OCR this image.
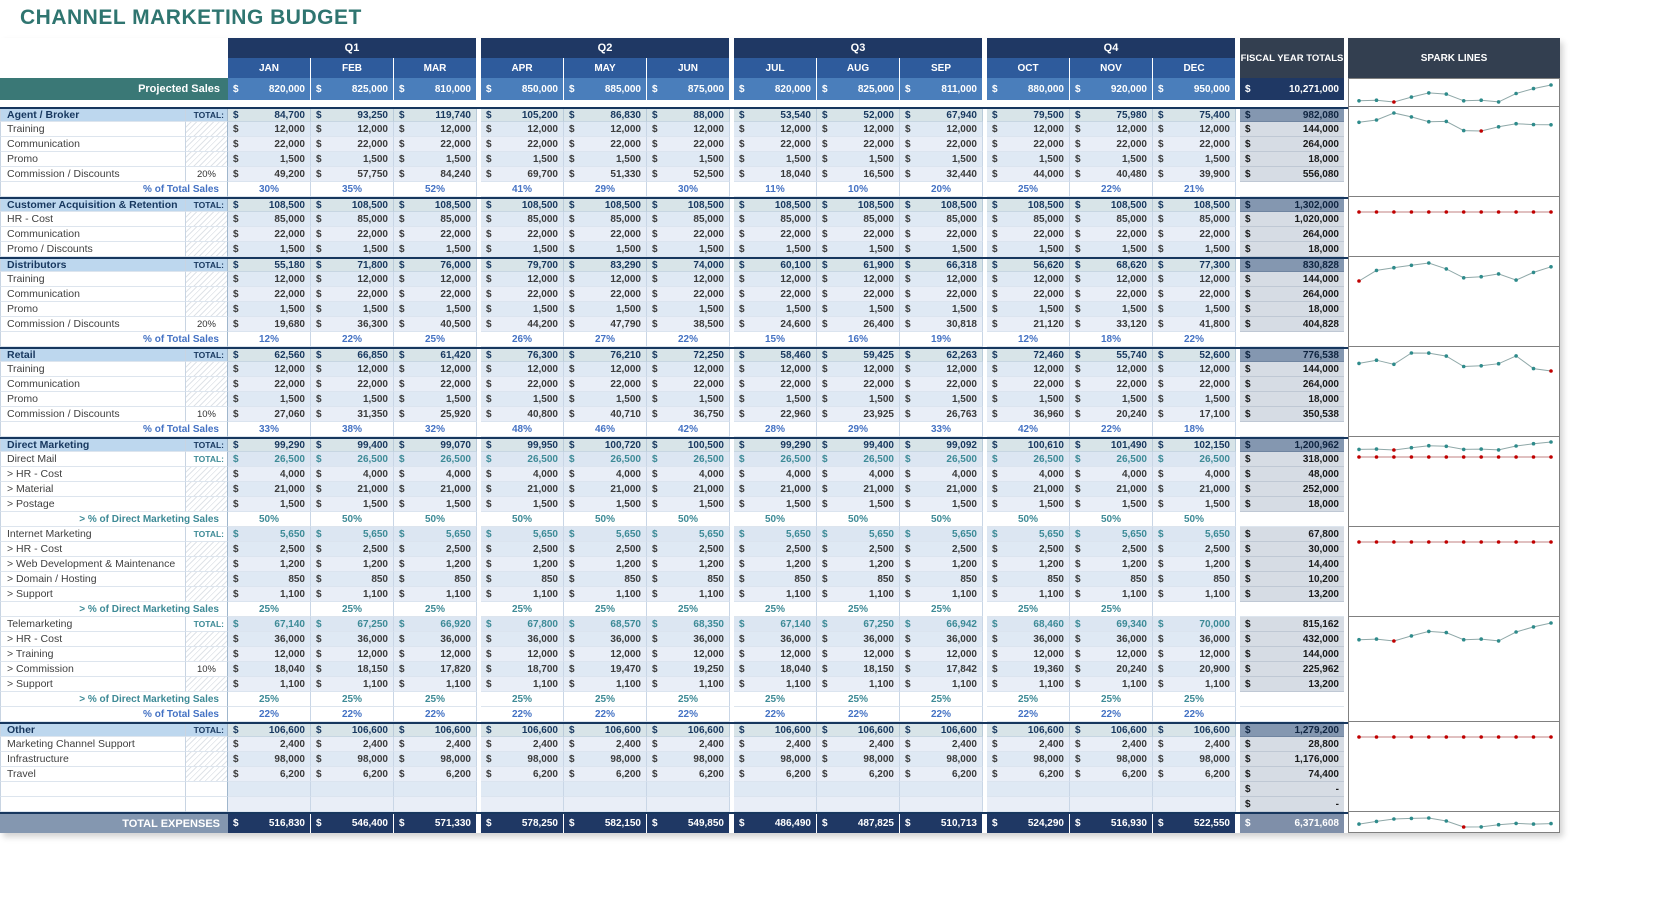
CHANNEL MARKETING BUDGET
Q1	Q2	Q3	Q4
JAN	FEB	MAR	APR	MAY	JUN	JUL	AUG	SEP	OCT	NOV	DEC
FISCAL YEAR TOTALS	SPARK LINES
Projected Sales	$	820,000 $	825,000 $	810,000 $	850,000 $	885,000 $	875,000 $	820,000 $	825,000 $	811,000 $	880,000 $	920,000 $	950,000 $	10,271,000
Agent / Broker	TOTAL: $	84,700 $	93,250 $	119,740 $	105,200 $	86,830 $	88,000 $	53,540 $	52,000 $	67,940 $	79,500 $	75,980 $	75,400 $	982,080
Training	$	12,000 $	12,000 $	12,000 $	12,000 $	12,000 $	12,000 $	12,000 $	12,000 $	12,000 $	12,000 $	12,000 $	12,000 $	144,000
Communication	$	22,000 $	22,000 $	22,000 $	22,000 $	22,000 $	22,000 $	22,000 $	22,000 $	22,000 $	22,000 $	22,000 $	22,000 $	264,000
Promo	$	1,500 $	1,500 $	1,500 $	1,500 $	1,500 $	1,500 $	1,500 $	1,500 $	1,500 $	1,500 $	1,500 $	1,500 $	18,000
Commission / Discounts	20%	$	49,200 $	57,750 $	84,240 $	69,700 $	51,330 $	52,500 $	18,040 $	16,500 $	32,440 $	44,000 $	40,480 $	39,900 $	556,080
% of Total Sales	30%	35%	52%	41%	29%	30%	11%	10%	20%	25%	22%	21%
Customer Acquisition & Retention	TOTAL: $	108,500 $	108,500 $	108,500 $	108,500 $	108,500 $	108,500 $	108,500 $	108,500 $	108,500 $	108,500 $	108,500 $	108,500 $	1,302,000
HR - Cost	$	85,000 $	85,000 $	85,000 $	85,000 $	85,000 $	85,000 $	85,000 $	85,000 $	85,000 $	85,000 $	85,000 $	85,000 $	1,020,000
Communication	$	22,000 $	22,000 $	22,000 $	22,000 $	22,000 $	22,000 $	22,000 $	22,000 $	22,000 $	22,000 $	22,000 $	22,000 $	264,000
Promo / Discounts	$	1,500 $	1,500 $	1,500 $	1,500 $	1,500 $	1,500 $	1,500 $	1,500 $	1,500 $	1,500 $	1,500 $	1,500 $	18,000
Distributors	TOTAL: $	55,180 $	71,800 $	76,000 $	79,700 $	83,290 $	74,000 $	60,100 $	61,900 $	66,318 $	56,620 $	68,620 $	77,300 $	830,828
Training	$	12,000 $	12,000 $	12,000 $	12,000 $	12,000 $	12,000 $	12,000 $	12,000 $	12,000 $	12,000 $	12,000 $	12,000 $	144,000
Communication	$	22,000 $	22,000 $	22,000 $	22,000 $	22,000 $	22,000 $	22,000 $	22,000 $	22,000 $	22,000 $	22,000 $	22,000 $	264,000
Promo	$	1,500 $	1,500 $	1,500 $	1,500 $	1,500 $	1,500 $	1,500 $	1,500 $	1,500 $	1,500 $	1,500 $	1,500 $	18,000
Commission / Discounts	20%	$	19,680 $	36,300 $	40,500 $	44,200 $	47,790 $	38,500 $	24,600 $	26,400 $	30,818 $	21,120 $	33,120 $	41,800 $	404,828
% of Total Sales	12%	22%	25%	26%	27%	22%	15%	16%	19%	12%	18%	22%
Retail	TOTAL: $	62,560 $	66,850 $	61,420 $	76,300 $	76,210 $	72,250 $	58,460 $	59,425 $	62,263 $	72,460 $	55,740 $	52,600 $	776,538
Training	$	12,000 $	12,000 $	12,000 $	12,000 $	12,000 $	12,000 $	12,000 $	12,000 $	12,000 $	12,000 $	12,000 $	12,000 $	144,000
Communication	$	22,000 $	22,000 $	22,000 $	22,000 $	22,000 $	22,000 $	22,000 $	22,000 $	22,000 $	22,000 $	22,000 $	22,000 $	264,000
Promo	$	1,500 $	1,500 $	1,500 $	1,500 $	1,500 $	1,500 $	1,500 $	1,500 $	1,500 $	1,500 $	1,500 $	1,500 $	18,000
Commission / Discounts	10%	$	27,060 $	31,350 $	25,920 $	40,800 $	40,710 $	36,750 $	22,960 $	23,925 $	26,763 $	36,960 $	20,240 $	17,100 $	350,538
% of Total Sales	33%	38%	32%	48%	46%	42%	28%	29%	33%	42%	22%	18%
Direct Marketing	TOTAL: $	99,290 $	99,400 $	99,070 $	99,950 $	100,720 $	100,500 $	99,290 $	99,400 $	99,092 $	100,610 $	101,490 $	102,150 $	1,200,962
Direct Mail	TOTAL: $	26,500 $	26,500 $	26,500 $	26,500 $	26,500 $	26,500 $	26,500 $	26,500 $	26,500 $	26,500 $	26,500 $	26,500 $	318,000
> HR - Cost	$	4,000 $	4,000 $	4,000 $	4,000 $	4,000 $	4,000 $	4,000 $	4,000 $	4,000 $	4,000 $	4,000 $	4,000 $	48,000
> Material	$	21,000 $	21,000 $	21,000 $	21,000 $	21,000 $	21,000 $	21,000 $	21,000 $	21,000 $	21,000 $	21,000 $	21,000 $	252,000
> Postage	$	1,500 $	1,500 $	1,500 $	1,500 $	1,500 $	1,500 $	1,500 $	1,500 $	1,500 $	1,500 $	1,500 $	1,500 $	18,000
> % of Direct Marketing Sales	50%	50%	50%	50%	50%	50%	50%	50%	50%	50%	50%	50%
Internet Marketing	TOTAL: $	5,650 $	5,650 $	5,650 $	5,650 $	5,650 $	5,650 $	5,650 $	5,650 $	5,650 $	5,650 $	5,650 $	5,650 $	67,800
> HR - Cost	$	2,500 $	2,500 $	2,500 $	2,500 $	2,500 $	2,500 $	2,500 $	2,500 $	2,500 $	2,500 $	2,500 $	2,500 $	30,000
> Web Development & Maintenance	$	1,200 $	1,200 $	1,200 $	1,200 $	1,200 $	1,200 $	1,200 $	1,200 $	1,200 $	1,200 $	1,200 $	1,200 $	14,400
> Domain / Hosting	$	850 $	850 $	850 $	850 $	850 $	850 $	850 $	850 $	850 $	850 $	850 $	850 $	10,200
> Support	$	1,100 $	1,100 $	1,100 $	1,100 $	1,100 $	1,100 $	1,100 $	1,100 $	1,100 $	1,100 $	1,100 $	1,100 $	13,200
> % of Direct Marketing Sales	25%	25%	25%	25%	25%	25%	25%	25%	25%	25%	25%
Telemarketing	TOTAL: $	67,140 $	67,250 $	66,920 $	67,800 $	68,570 $	68,350 $	67,140 $	67,250 $	66,942 $	68,460 $	69,340 $	70,000 $	815,162
> HR - Cost	$	36,000 $	36,000 $	36,000 $	36,000 $	36,000 $	36,000 $	36,000 $	36,000 $	36,000 $	36,000 $	36,000 $	36,000 $	432,000
> Training	$	12,000 $	12,000 $	12,000 $	12,000 $	12,000 $	12,000 $	12,000 $	12,000 $	12,000 $	12,000 $	12,000 $	12,000 $	144,000
> Commission	10%	$	18,040 $	18,150 $	17,820 $	18,700 $	19,470 $	19,250 $	18,040 $	18,150 $	17,842 $	19,360 $	20,240 $	20,900 $	225,962
> Support	$	1,100 $	1,100 $	1,100 $	1,100 $	1,100 $	1,100 $	1,100 $	1,100 $	1,100 $	1,100 $	1,100 $	1,100 $	13,200
> % of Direct Marketing Sales	25%	25%	25%	25%	25%	25%	25%	25%	25%	25%	25%	25%
% of Total Sales	22%	22%	22%	22%	22%	22%	22%	22%	22%	22%	22%	22%
Other	TOTAL: $	106,600 $	106,600 $	106,600 $	106,600 $	106,600 $	106,600 $	106,600 $	106,600 $	106,600 $	106,600 $	106,600 $	106,600 $	1,279,200
Marketing Channel Support	$	2,400 $	2,400 $	2,400 $	2,400 $	2,400 $	2,400 $	2,400 $	2,400 $	2,400 $	2,400 $	2,400 $	2,400 $	28,800
Infrastructure	$	98,000 $	98,000 $	98,000 $	98,000 $	98,000 $	98,000 $	98,000 $	98,000 $	98,000 $	98,000 $	98,000 $	98,000 $	1,176,000
Travel	$	6,200 $	6,200 $	6,200 $	6,200 $	6,200 $	6,200 $	6,200 $	6,200 $	6,200 $	6,200 $	6,200 $	6,200 $	74,400
$	-
$	-
TOTAL EXPENSES	$	516,830 $	546,400 $	571,330 $	578,250 $	582,150 $	549,850 $	486,490 $	487,825 $	510,713 $	524,290 $	516,930 $	522,550 $	6,371,608
